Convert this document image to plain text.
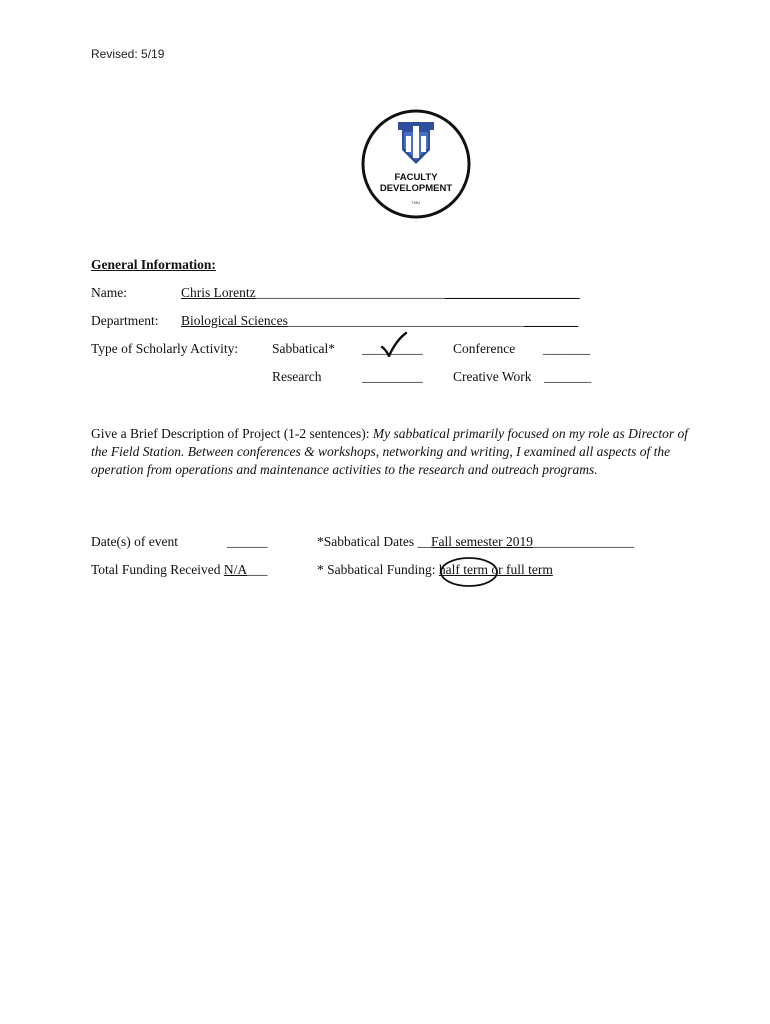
Revised: 5/19
FACULTY
DEVELOPMENT
TMU
General Information:
Name:	Chris Lorentz________________________________________________
Department: Biological Sciences___________________________________________
Type of Scholarly Activity:	Sabbatical* _________ Conference _______
Research	_________ Creative Work _______
Give a Brief Description of Project (1-2 sentences): My sabbatical primarily focused on my role as Director of the Field Station. Between conferences & workshops, networking and writing, I examined all aspects of the operation from operations and maintenance activities to the research and outreach programs.
Date(s) of event	______	*Sabbatical Dates __Fall semester 2019_______________
Total Funding Received N/A___	* Sabbatical Funding: half term or full term
